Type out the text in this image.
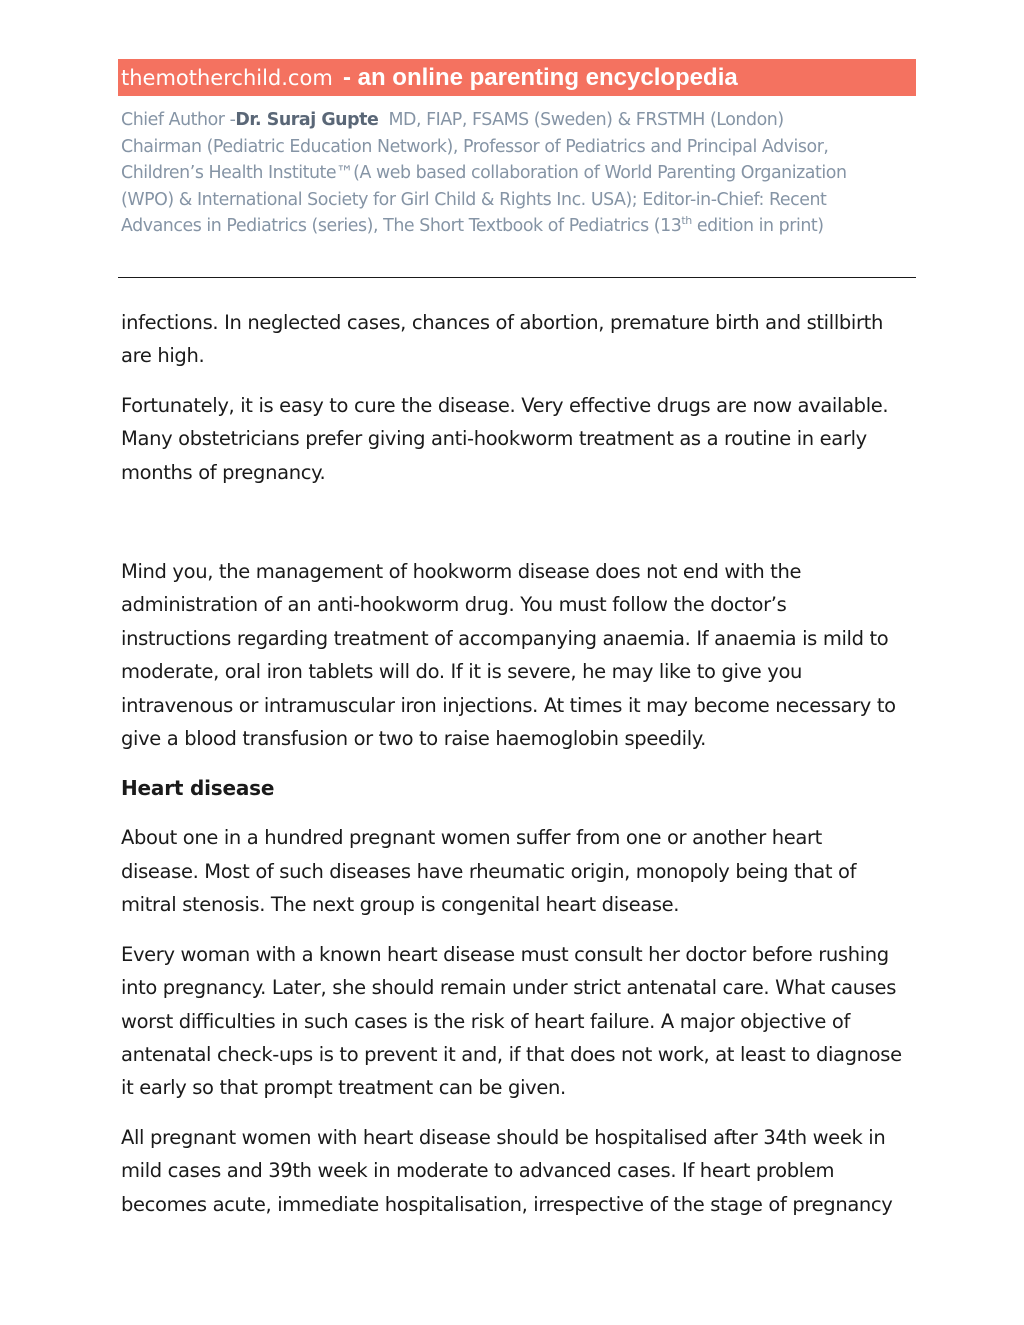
themotherchild.com - an online parenting encyclopedia
Chief Author -Dr. Suraj Gupte MD, FIAP, FSAMS (Sweden) & FRSTMH (London)
Chairman (Pediatric Education Network), Professor of Pediatrics and Principal Advisor,
Children’s Health Institute™(A web based collaboration of World Parenting Organization
(WPO) & International Society for Girl Child & Rights Inc. USA); Editor-in-Chief: Recent
Advances in Pediatrics (series), The Short Textbook of Pediatrics (13th edition in print)

infections. In neglected cases, chances of abortion, premature birth and stillbirth
are high.

Fortunately, it is easy to cure the disease. Very effective drugs are now available.
Many obstetricians prefer giving anti-hookworm treatment as a routine in early
months of pregnancy.

Mind you, the management of hookworm disease does not end with the
administration of an anti-hookworm drug. You must follow the doctor’s
instructions regarding treatment of accompanying anaemia. If anaemia is mild to
moderate, oral iron tablets will do. If it is severe, he may like to give you
intravenous or intramuscular iron injections. At times it may become necessary to
give a blood transfusion or two to raise haemoglobin speedily.

Heart disease

About one in a hundred pregnant women suffer from one or another heart
disease. Most of such diseases have rheumatic origin, monopoly being that of
mitral stenosis. The next group is congenital heart disease.

Every woman with a known heart disease must consult her doctor before rushing
into pregnancy. Later, she should remain under strict antenatal care. What causes
worst difficulties in such cases is the risk of heart failure. A major objective of
antenatal check-ups is to prevent it and, if that does not work, at least to diagnose
it early so that prompt treatment can be given.

All pregnant women with heart disease should be hospitalised after 34th week in
mild cases and 39th week in moderate to advanced cases. If heart problem
becomes acute, immediate hospitalisation, irrespective of the stage of pregnancy
